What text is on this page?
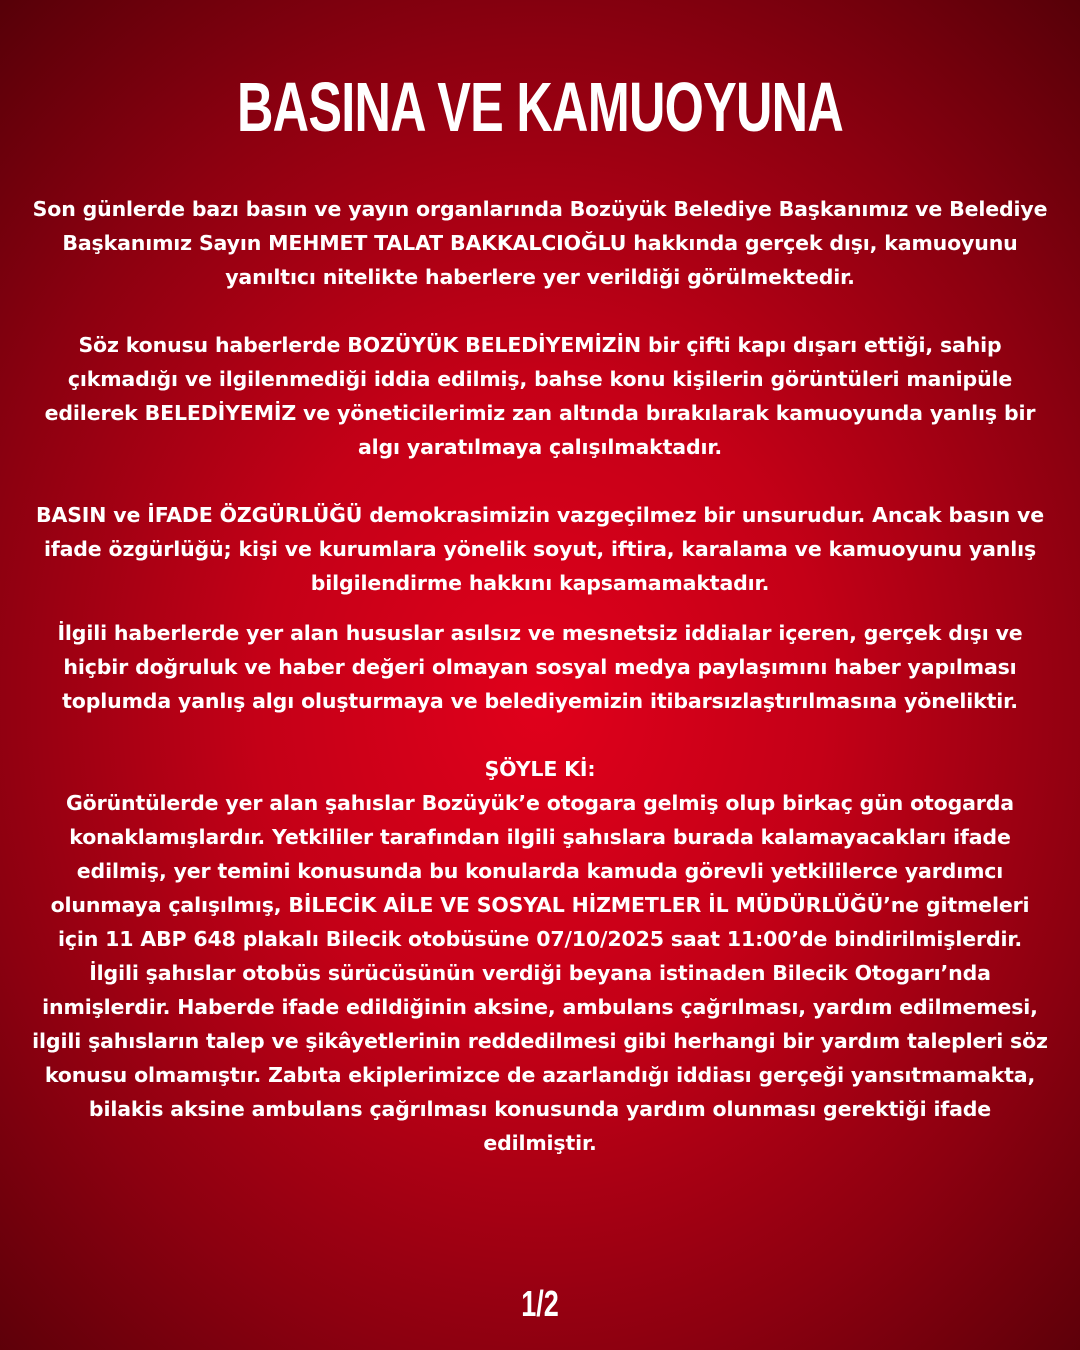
BASINA VE KAMUOYUNA

Son günlerde bazı basın ve yayın organlarında Bozüyük Belediye Başkanımız ve Belediye Başkanımız Sayın MEHMET TALAT BAKKALCIOĞLU hakkında gerçek dışı, kamuoyunu yanıltıcı nitelikte haberlere yer verildiği görülmektedir.

Söz konusu haberlerde BOZÜYÜK BELEDİYEMİZİN bir çifti kapı dışarı ettiği, sahip çıkmadığı ve ilgilenmediği iddia edilmiş, bahse konu kişilerin görüntüleri manipüle edilerek BELEDİYEMİZ ve yöneticilerimiz zan altında bırakılarak kamuoyunda yanlış bir algı yaratılmaya çalışılmaktadır.

BASIN ve İFADE ÖZGÜRLÜĞÜ demokrasimizin vazgeçilmez bir unsurudur. Ancak basın ve ifade özgürlüğü; kişi ve kurumlara yönelik soyut, iftira, karalama ve kamuoyunu yanlış bilgilendirme hakkını kapsamamaktadır.

İlgili haberlerde yer alan hususlar asılsız ve mesnetsiz iddialar içeren, gerçek dışı ve hiçbir doğruluk ve haber değeri olmayan sosyal medya paylaşımını haber yapılması toplumda yanlış algı oluşturmaya ve belediyemizin itibarsızlaştırılmasına yöneliktir.

ŞÖYLE Kİ:

Görüntülerde yer alan şahıslar Bozüyük’e otogara gelmiş olup birkaç gün otogarda konaklamışlardır. Yetkililer tarafından ilgili şahıslara burada kalamayacakları ifade edilmiş, yer temini konusunda bu konularda kamuda görevli yetkililerce yardımcı olunmaya çalışılmış, BİLECİK AİLE VE SOSYAL HİZMETLER İL MÜDÜRLÜĞÜ’ne gitmeleri için 11 ABP 648 plakalı Bilecik otobüsüne 07/10/2025 saat 11:00’de bindirilmişlerdir. İlgili şahıslar otobüs sürücüsünün verdiği beyana istinaden Bilecik Otogarı’nda inmişlerdir. Haberde ifade edildiğinin aksine, ambulans çağrılması, yardım edilmemesi, ilgili şahısların talep ve şikâyetlerinin reddedilmesi gibi herhangi bir yardım talepleri söz konusu olmamıştır. Zabıta ekiplerimizce de azarlandığı iddiası gerçeği yansıtmamakta, bilakis aksine ambulans çağrılması konusunda yardım olunması gerektiği ifade edilmiştir.

1/2
